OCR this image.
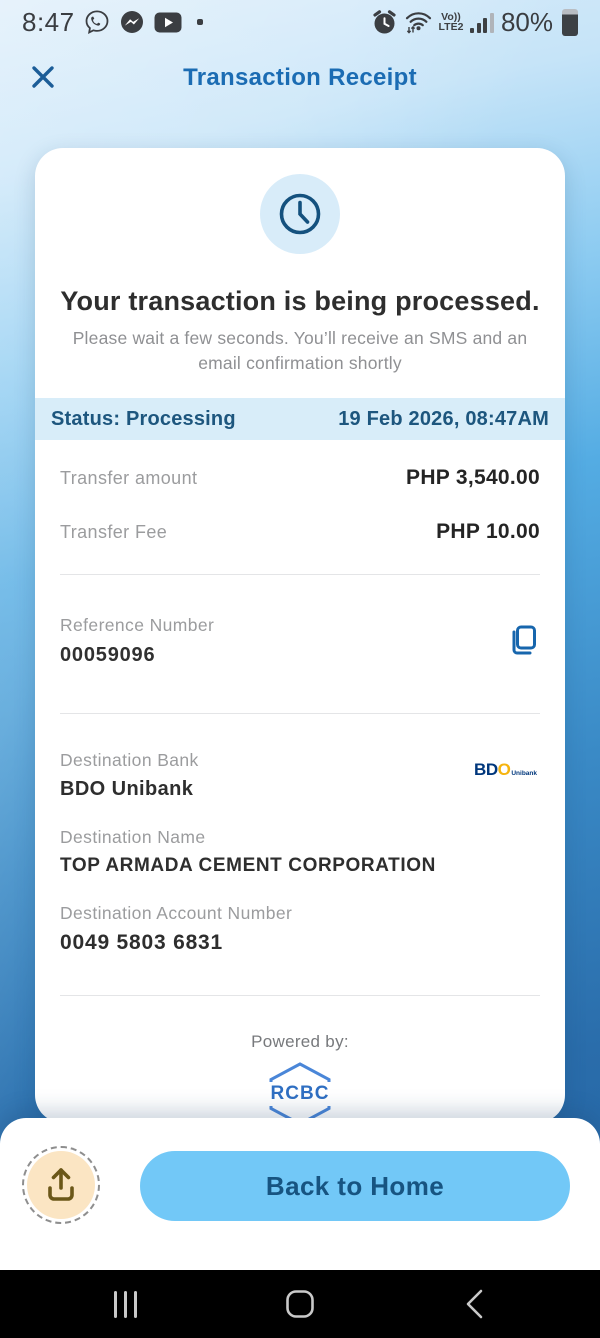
8:47	Vo))
LTE2 80%
Transaction Receipt
Your transaction is being processed.
Please wait a few seconds. You’ll receive an SMS and an email confirmation shortly
Status: Processing	19 Feb 2026, 08:47AM
Transfer amount	PHP 3,540.00
Transfer Fee	PHP 10.00
Reference Number
00059096
Destination Bank
BDO Unibank
BDOUnibank
Destination Name
TOP ARMADA CEMENT CORPORATION
Destination Account Number
0049 5803 6831
Powered by:
RCBC
Back to Home
